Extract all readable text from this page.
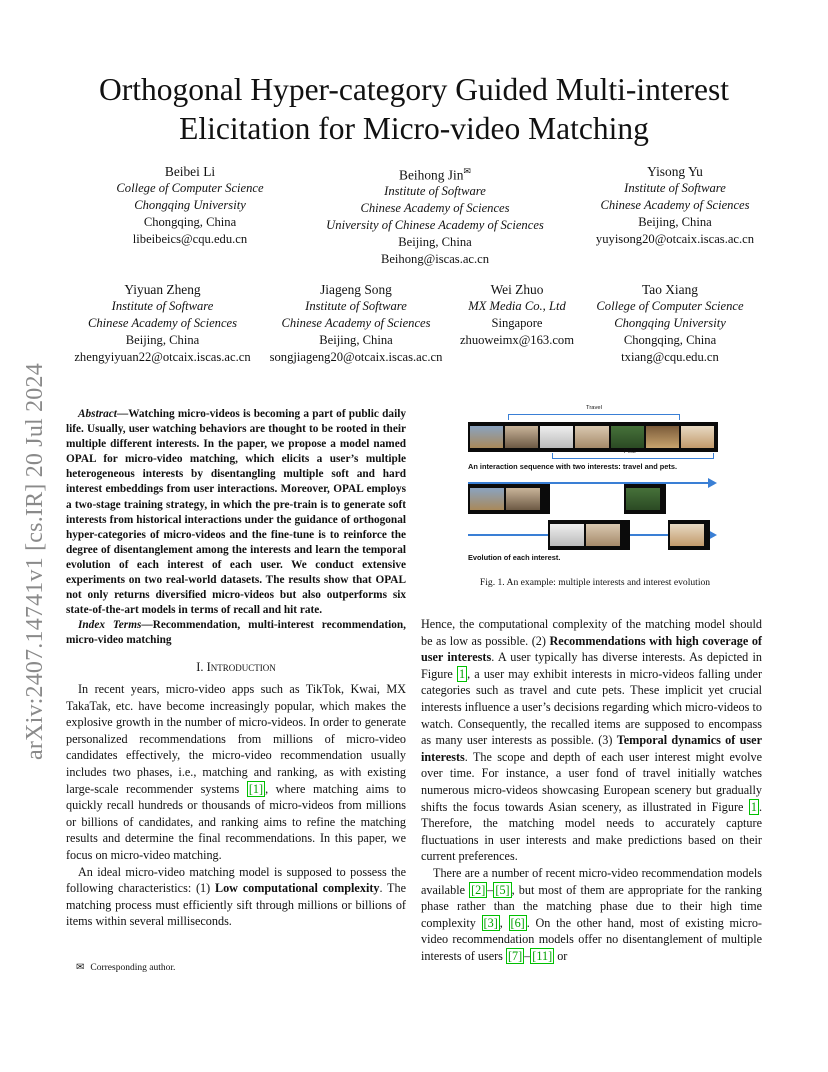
arXiv:2407.14741v1 [cs.IR] 20 Jul 2024
Orthogonal Hyper-category Guided Multi-interest
Elicitation for Micro-video Matching
Beibei Li
College of Computer Science
Chongqing University
Chongqing, China
libeibeics@cqu.edu.cn
Beihong Jin✉
Institute of Software
Chinese Academy of Sciences
University of Chinese Academy of Sciences
Beijing, China
Beihong@iscas.ac.cn
Yisong Yu
Institute of Software
Chinese Academy of Sciences
Beijing, China
yuyisong20@otcaix.iscas.ac.cn
Yiyuan Zheng
Institute of Software
Chinese Academy of Sciences
Beijing, China
zhengyiyuan22@otcaix.iscas.ac.cn
Jiageng Song
Institute of Software
Chinese Academy of Sciences
Beijing, China
songjiageng20@otcaix.iscas.ac.cn
Wei Zhuo
MX Media Co., Ltd
Singapore
zhuoweimx@163.com
Tao Xiang
College of Computer Science
Chongqing University
Chongqing, China
txiang@cqu.edu.cn

Abstract—Watching micro-videos is becoming a part of public daily life. Usually, user watching behaviors are thought to be rooted in their multiple different interests. In the paper, we propose a model named OPAL for micro-video matching, which elicits a user’s multiple heterogeneous interests by disentangling multiple soft and hard interest embeddings from user interactions. Moreover, OPAL employs a two-stage training strategy, in which the pre-train is to generate soft interests from historical interactions under the guidance of orthogonal hyper-categories of micro-videos and the fine-tune is to reinforce the degree of disentanglement among the interests and learn the temporal evolution of each interest of each user. We conduct extensive experiments on two real-world datasets. The results show that OPAL not only returns diversified micro-videos but also outperforms six state-of-the-art models in terms of recall and hit rate.

Index Terms—Recommendation, multi-interest recommendation, micro-video matching

I. Introduction

In recent years, micro-video apps such as TikTok, Kwai, MX TakaTak, etc. have become increasingly popular, which makes the explosive growth in the number of micro-videos. In order to generate personalized recommendations from millions of micro-video candidates effectively, the micro-video recommendation usually includes two phases, i.e., matching and ranking, as with existing large-scale recommender systems [1] , where matching aims to quickly recall hundreds or thousands of micro-videos from millions or billions of candidates, and ranking aims to refine the matching results and determine the final recommendations. In this paper, we focus on micro-video matching.

An ideal micro-video matching model is supposed to possess the following characteristics: (1) Low computational complexity. The matching process must efficiently sift through millions or billions of items within several milliseconds.

✉ Corresponding author.
Travel
Pets
An interaction sequence with two interests: travel and pets.
Evolution of each interest.
Fig. 1. An example: multiple interests and interest evolution

Hence, the computational complexity of the matching model should be as low as possible. (2) Recommendations with high coverage of user interests. A user typically has diverse interests. As depicted in Figure 1 , a user may exhibit interests in micro-videos falling under categories such as travel and cute pets. These implicit yet crucial interests influence a user’s decisions regarding which micro-videos to watch. Consequently, the recalled items are supposed to encompass as many user interests as possible. (3) Temporal dynamics of user interests. The scope and depth of each user interest might evolve over time. For instance, a user fond of travel initially watches numerous micro-videos showcasing European scenery but gradually shifts the focus towards Asian scenery, as illustrated in Figure 1 . Therefore, the matching model needs to accurately capture fluctuations in user interests and make predictions based on their current preferences.

There are a number of recent micro-video recommendation models available [2] – [5] , but most of them are appropriate for the ranking phase rather than the matching phase due to their high time complexity [3] , [6] . On the other hand, most of existing micro-video recommendation models offer no disentanglement of multiple interests of users [7] – [11] or
